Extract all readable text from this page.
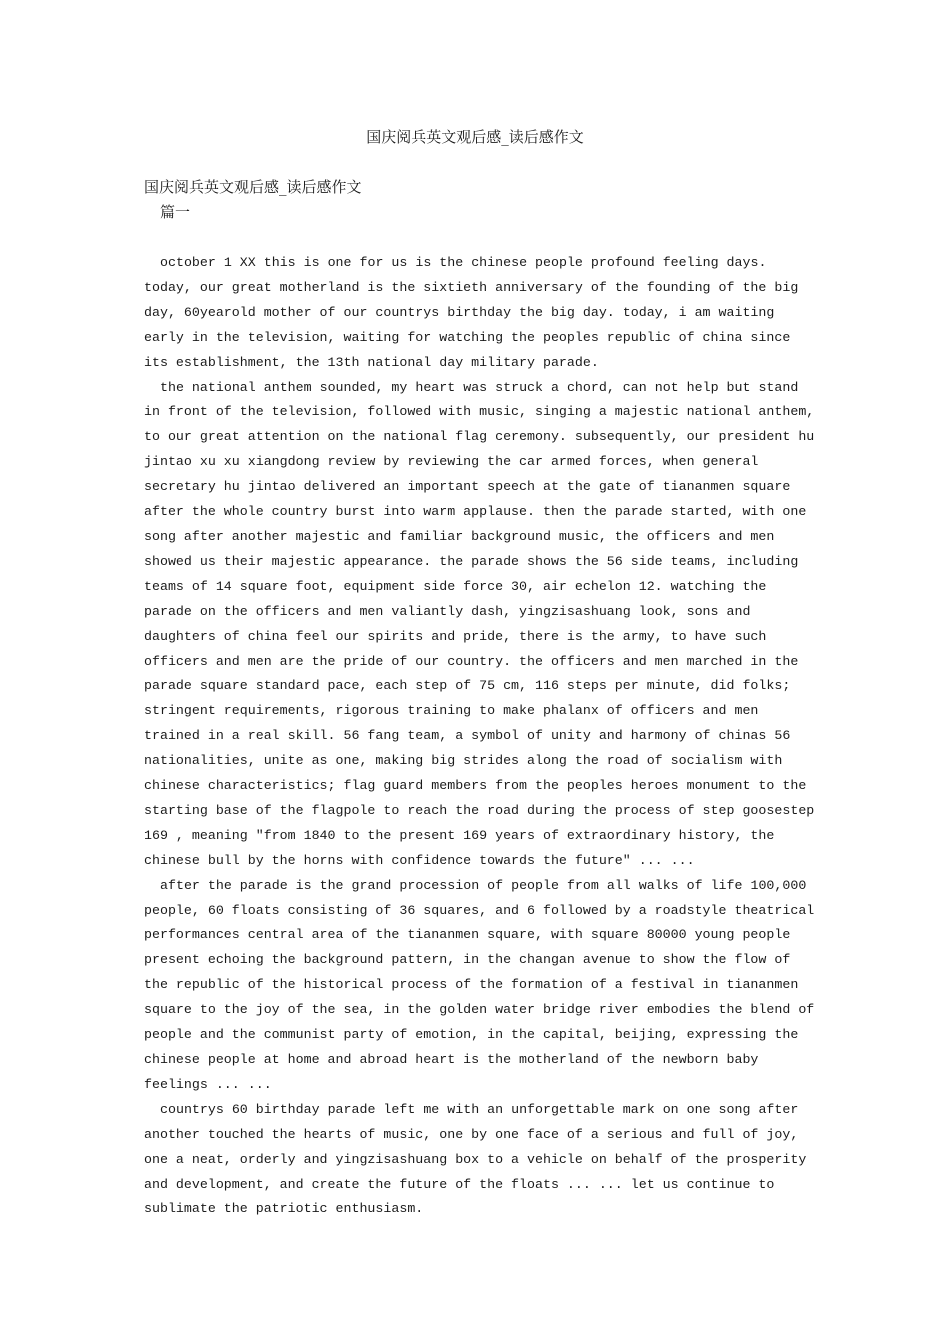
国庆阅兵英文观后感_读后感作文
国庆阅兵英文观后感_读后感作文
篇一

october 1 XX this is one for us is the chinese people profound feeling days. today, our great motherland is the sixtieth anniversary of the founding of the big day, 60yearold mother of our countrys birthday the big day. today, i am waiting early in the television, waiting for watching the peoples republic of china since its establishment, the 13th national day military parade.

the national anthem sounded, my heart was struck a chord, can not help but stand in front of the television, followed with music, singing a majestic national anthem, to our great attention on the national flag ceremony. subsequently, our president hu jintao xu xu xiangdong review by reviewing the car armed forces, when general secretary hu jintao delivered an important speech at the gate of tiananmen square after the whole country burst into warm applause. then the parade started, with one song after another majestic and familiar background music, the officers and men showed us their majestic appearance. the parade shows the 56 side teams, including teams of 14 square foot, equipment side force 30, air echelon 12. watching the parade on the officers and men valiantly dash, yingzisashuang look, sons and daughters of china feel our spirits and pride, there is the army, to have such officers and men are the pride of our country. the officers and men marched in the parade square standard pace, each step of 75 cm, 116 steps per minute, did folks; stringent requirements, rigorous training to make phalanx of officers and men trained in a real skill. 56 fang team, a symbol of unity and harmony of chinas 56 nationalities, unite as one, making big strides along the road of socialism with chinese characteristics; flag guard members from the peoples heroes monument to the starting base of the flagpole to reach the road during the process of step goosestep 169 , meaning "from 1840 to the present 169 years of extraordinary history, the chinese bull by the horns with confidence towards the future" ... ...

after the parade is the grand procession of people from all walks of life 100,000 people, 60 floats consisting of 36 squares, and 6 followed by a roadstyle theatrical performances central area of the tiananmen square, with square 80000 young people present echoing the background pattern, in the changan avenue to show the flow of the republic of the historical process of the formation of a festival in tiananmen square to the joy of the sea, in the golden water bridge river embodies the blend of people and the communist party of emotion, in the capital, beijing, expressing the chinese people at home and abroad heart is the motherland of the newborn baby feelings ... ...

countrys 60 birthday parade left me with an unforgettable mark on one song after another touched the hearts of music, one by one face of a serious and full of joy, one a neat, orderly and yingzisashuang box to a vehicle on behalf of the prosperity and development, and create the future of the floats ... ... let us continue to sublimate the patriotic enthusiasm.
